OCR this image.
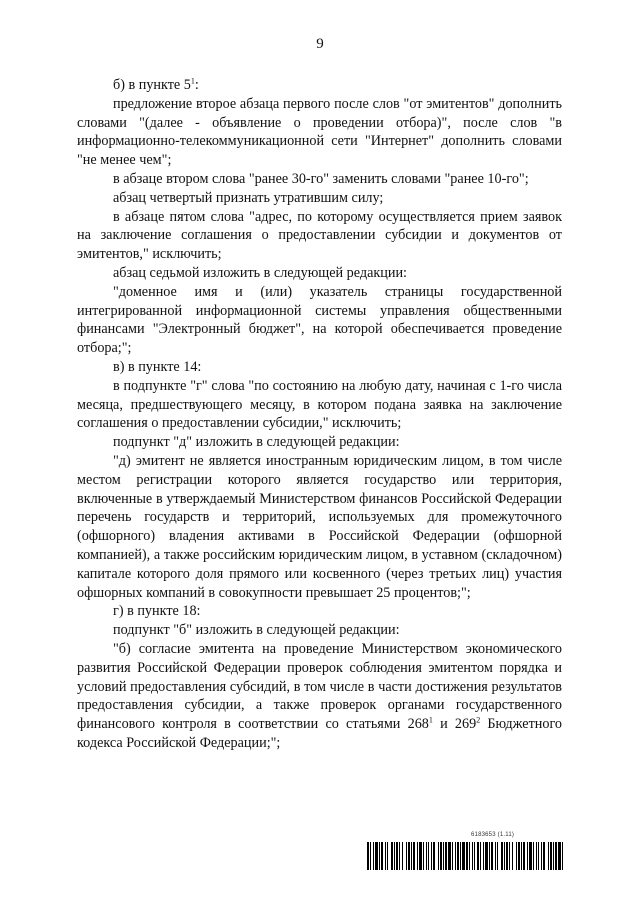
9

б) в пункте $5^1$:

предложение второе абзаца первого после слов "от эмитентов" дополнить словами "(далее - объявление о проведении отбора)", после слов "в информационно-телекоммуникационной сети "Интернет" дополнить словами "не менее чем";

в абзаце втором слова "ранее 30-го" заменить словами "ранее 10-го";

абзац четвертый признать утратившим силу;

в абзаце пятом слова "адрес, по которому осуществляется прием заявок на заключение соглашения о предоставлении субсидии и документов от эмитентов," исключить;

абзац седьмой изложить в следующей редакции:

"доменное имя и (или) указатель страницы государственной интегрированной информационной системы управления общественными финансами "Электронный бюджет", на которой обеспечивается проведение отбора;";

в) в пункте 14:

в подпункте "г" слова "по состоянию на любую дату, начиная с 1-го числа месяца, предшествующего месяцу, в котором подана заявка на заключение соглашения о предоставлении субсидии," исключить;

подпункт "д" изложить в следующей редакции:

"д) эмитент не является иностранным юридическим лицом, в том числе местом регистрации которого является государство или территория, включенные в утверждаемый Министерством финансов Российской Федерации перечень государств и территорий, используемых для промежуточного (офшорного) владения активами в Российской Федерации (офшорной компанией), а также российским юридическим лицом, в уставном (складочном) капитале которого доля прямого или косвенного (через третьих лиц) участия офшорных компаний в совокупности превышает 25 процентов;";

г) в пункте 18:

подпункт "б" изложить в следующей редакции:

"б) согласие эмитента на проведение Министерством экономического развития Российской Федерации проверок соблюдения эмитентом порядка и условий предоставления субсидий, в том числе в части достижения результатов предоставления субсидии, а также проверок органами государственного финансового контроля в соответствии со статьями $268^1$ и $269^2$ Бюджетного кодекса Российской Федерации;";

6183653 (1.11)
